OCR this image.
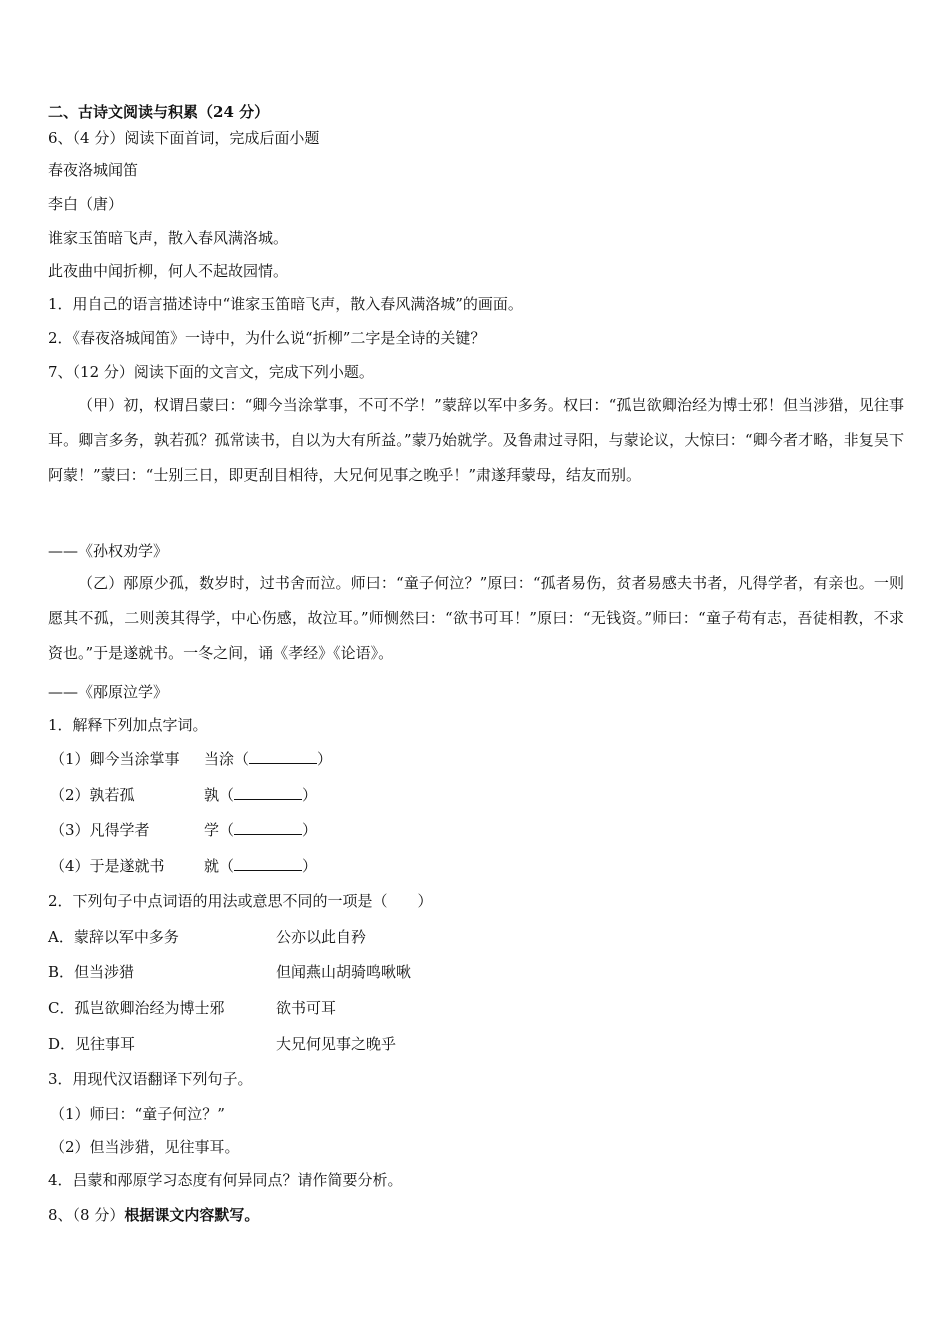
二、古诗文阅读与积累（24 分）
6、（4 分）阅读下面首词，完成后面小题
春夜洛城闻笛
李白（唐）
谁家玉笛暗飞声，散入春风满洛城。
此夜曲中闻折柳，何人不起故园情。
1．用自己的语言描述诗中“谁家玉笛暗飞声，散入春风满洛城”的画面。
2．《春夜洛城闻笛》一诗中，为什么说“折柳”二字是全诗的关键？
7、（12 分）阅读下面的文言文，完成下列小题。
（甲）初，权谓吕蒙曰：“卿今当涂掌事，不可不学！”蒙辞以军中多务。权曰：“孤岂欲卿治经为博士邪！但当涉猎，见往事耳。卿言多务，孰若孤？孤常读书，自以为大有所益。”蒙乃始就学。及鲁肃过寻阳，与蒙论议，大惊曰：“卿今者才略，非复吴下阿蒙！”蒙曰：“士别三日，即更刮目相待，大兄何见事之晚乎！”肃遂拜蒙母，结友而别。
——《孙权劝学》
（乙）邴原少孤，数岁时，过书舍而泣。师曰：“童子何泣？”原曰：“孤者易伤，贫者易感夫书者，凡得学者，有亲也。一则愿其不孤，二则羡其得学，中心伤感，故泣耳。”师恻然曰：“欲书可耳！”原曰：“无钱资。”师曰：“童子苟有志，吾徒相教，不求资也。”于是遂就书。一冬之间，诵《孝经》《论语》。
——《邴原泣学》
1．解释下列加点字词。
（1）卿今当涂掌事 当涂（	）
（2）孰若孤	孰（	）
（3）凡得学者	学（	）
（4）于是遂就书	就（	）
2．下列句子中点词语的用法或意思不同的一项是（　　）
A．蒙辞以军中多务	公亦以此自矜
B．但当涉猎	但闻燕山胡骑鸣啾啾
C．孤岂欲卿治经为博士邪	欲书可耳
D．见往事耳	大兄何见事之晚乎
3．用现代汉语翻译下列句子。
（1）师曰：“童子何泣？”
（2）但当涉猎，见往事耳。
4．吕蒙和邴原学习态度有何异同点？请作简要分析。
8、（8 分）根据课文内容默写。
